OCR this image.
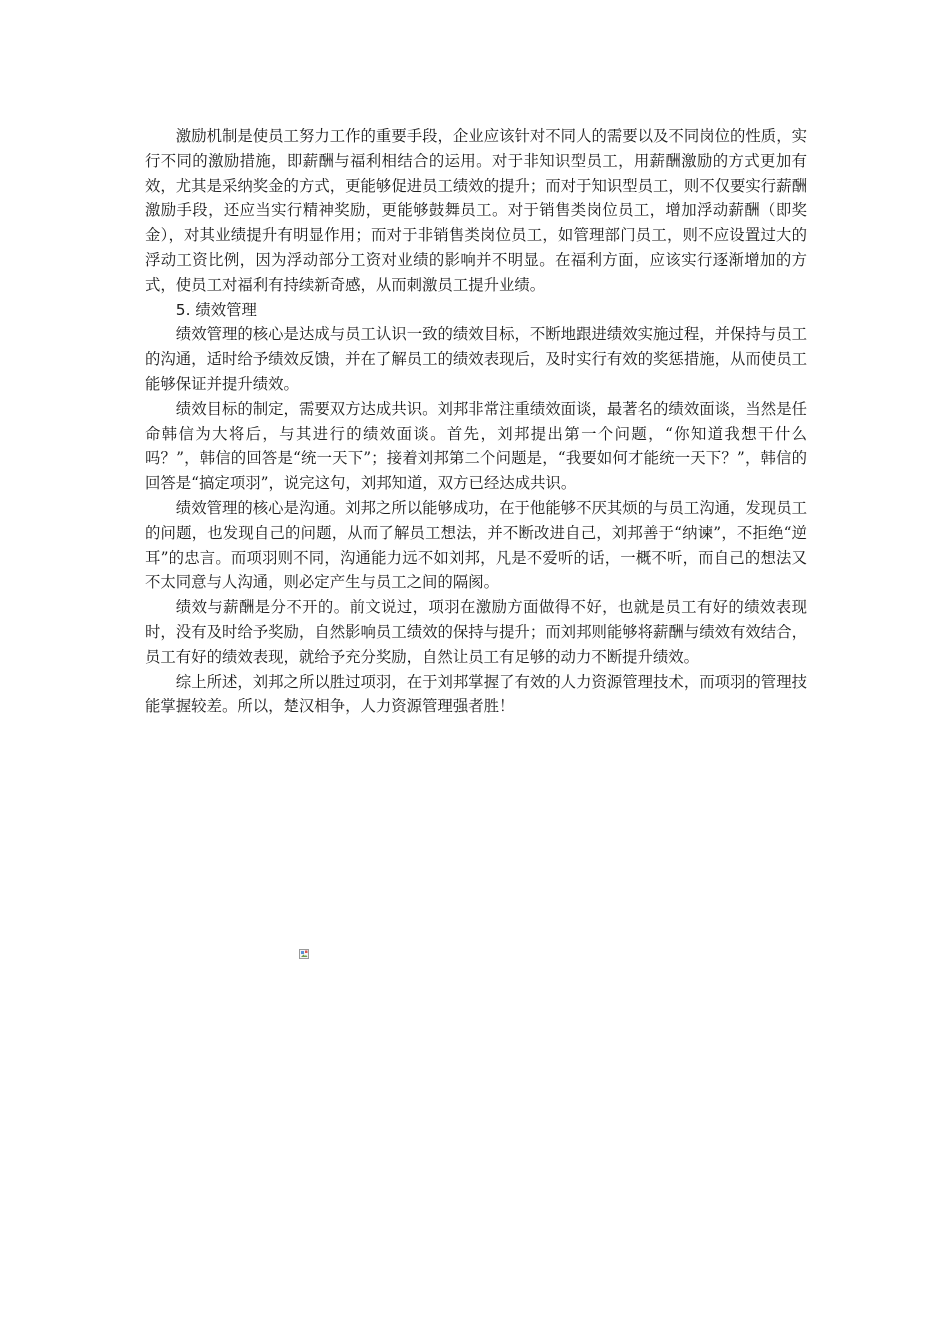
激励机制是使员工努力工作的重要手段，企业应该针对不同人的需要以及不同岗位的性质，实行不同的激励措施，即薪酬与福利相结合的运用。对于非知识型员工，用薪酬激励的方式更加有效，尤其是采纳奖金的方式，更能够促进员工绩效的提升；而对于知识型员工，则不仅要实行薪酬激励手段，还应当实行精神奖励，更能够鼓舞员工。对于销售类岗位员工，增加浮动薪酬（即奖金），对其业绩提升有明显作用；而对于非销售类岗位员工，如管理部门员工，则不应设置过大的浮动工资比例，因为浮动部分工资对业绩的影响并不明显。在福利方面，应该实行逐渐增加的方式，使员工对福利有持续新奇感，从而刺激员工提升业绩。

5. 绩效管理

绩效管理的核心是达成与员工认识一致的绩效目标，不断地跟进绩效实施过程，并保持与员工的沟通，适时给予绩效反馈，并在了解员工的绩效表现后，及时实行有效的奖惩措施，从而使员工能够保证并提升绩效。

绩效目标的制定，需要双方达成共识。刘邦非常注重绩效面谈，最著名的绩效面谈，当然是任命韩信为大将后，与其进行的绩效面谈。首先，刘邦提出第一个问题，“你知道我想干什么吗？”，韩信的回答是“统一天下”；接着刘邦第二个问题是，“我要如何才能统一天下？”，韩信的回答是“搞定项羽”，说完这句，刘邦知道，双方已经达成共识。

绩效管理的核心是沟通。刘邦之所以能够成功，在于他能够不厌其烦的与员工沟通，发现员工的问题，也发现自己的问题，从而了解员工想法，并不断改进自己，刘邦善于“纳谏”，不拒绝“逆耳”的忠言。而项羽则不同，沟通能力远不如刘邦，凡是不爱听的话，一概不听，而自己的想法又不太同意与人沟通，则必定产生与员工之间的隔阂。

绩效与薪酬是分不开的。前文说过，项羽在激励方面做得不好，也就是员工有好的绩效表现时，没有及时给予奖励，自然影响员工绩效的保持与提升；而刘邦则能够将薪酬与绩效有效结合，员工有好的绩效表现，就给予充分奖励，自然让员工有足够的动力不断提升绩效。

综上所述，刘邦之所以胜过项羽，在于刘邦掌握了有效的人力资源管理技术，而项羽的管理技能掌握较差。所以，楚汉相争，人力资源管理强者胜！
